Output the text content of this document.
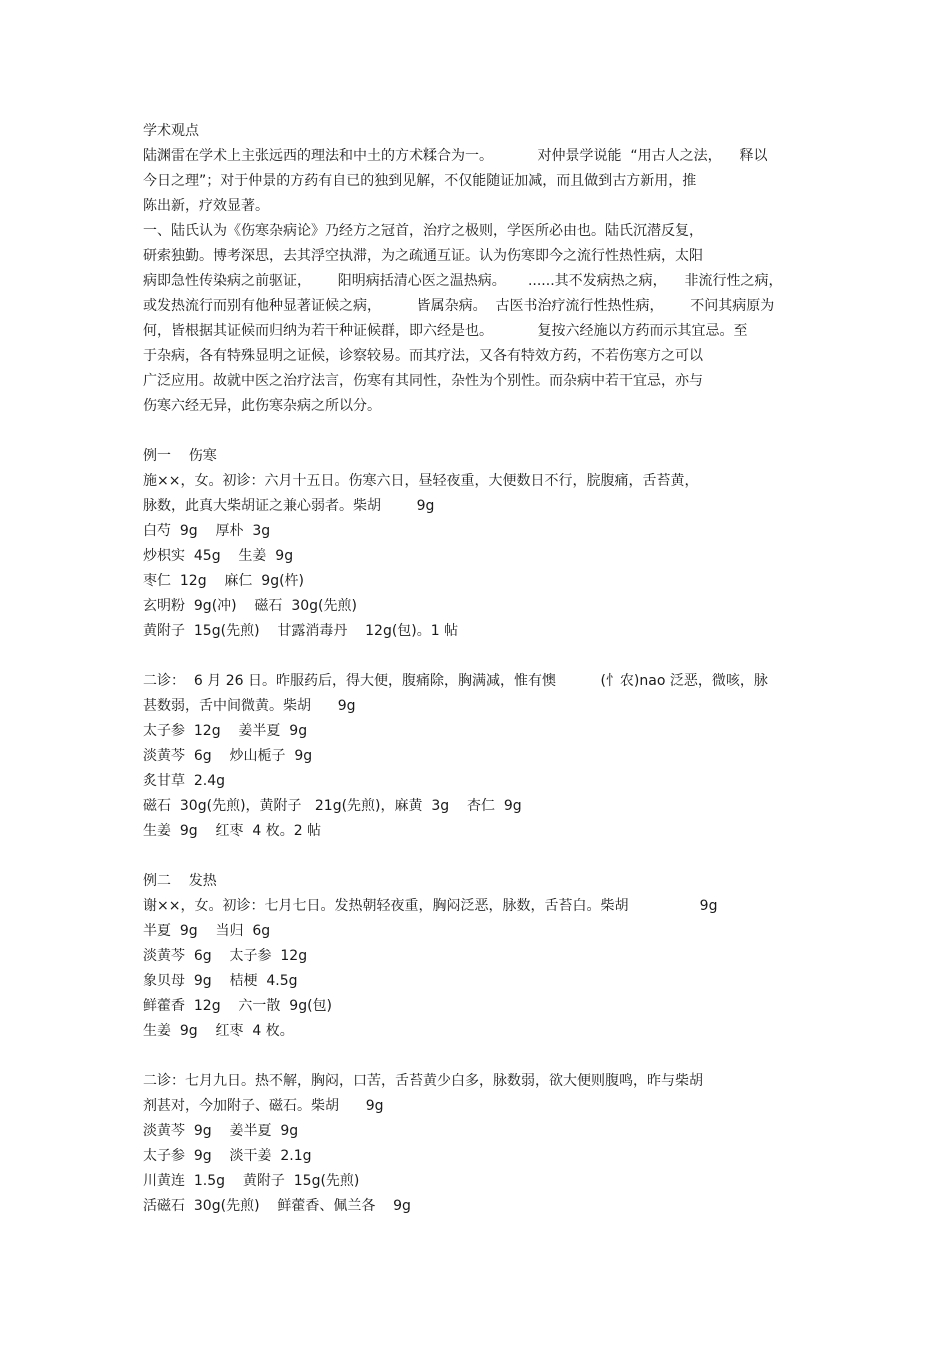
学术观点
陆渊雷在学术上主张远西的理法和中土的方术糅合为一。          对仲景学说能  “用古人之法，    释以
今日之理”；对于仲景的方药有自已的独到见解，不仅能随证加减，而且做到古方新用，推
陈出新，疗效显著。
一、陆氏认为《伤寒杂病论》乃经方之冠首，治疗之极则，学医所必由也。陆氏沉潜反复，
研索独勤。博考深思，去其浮空执滞，为之疏通互证。认为伤寒即今之流行性热性病，太阳
病即急性传染病之前驱证，      阳明病括清心医之温热病。     ......其不发病热之病，    非流行性之病，
或发热流行而别有他种显著证候之病，        皆属杂病。  古医书治疗流行性热性病，      不问其病原为
何，皆根据其证候而归纳为若干种证候群，即六经是也。          复按六经施以方药而示其宜忌。至
于杂病，各有特殊显明之证候，诊察较易。而其疗法，又各有特效方药，不若伤寒方之可以
广泛应用。故就中医之治疗法言，伤寒有其同性，杂性为个别性。而杂病中若干宜忌，亦与
伤寒六经无异，此伤寒杂病之所以分。
例一    伤寒
施××，女。初诊：六月十五日。伤寒六日，昼轻夜重，大便数日不行，脘腹痛，舌苔黄，
脉数，此真大柴胡证之兼心弱者。柴胡        9g
白芍  9g    厚朴  3g
炒枳实  45g    生姜  9g
枣仁  12g    麻仁  9g(杵)
玄明粉  9g(冲)    磁石  30g(先煎)
黄附子  15g(先煎)    甘露消毒丹    12g(包)。1 帖
二诊：  6 月 26 日。昨服药后，得大便，腹痛除，胸满减，惟有懊          (忄农)nao 泛恶，微咳，脉
甚数弱，舌中间微黄。柴胡      9g
太子参  12g    姜半夏  9g
淡黄芩  6g    炒山栀子  9g
炙甘草  2.4g
磁石  30g(先煎)，黄附子   21g(先煎)，麻黄  3g    杏仁  9g
生姜  9g    红枣  4 枚。2 帖
例二    发热
谢××，女。初诊：七月七日。发热朝轻夜重，胸闷泛恶，脉数，舌苔白。柴胡                9g
半夏  9g    当归  6g
淡黄芩  6g    太子参  12g
象贝母  9g    桔梗  4.5g
鲜藿香  12g    六一散  9g(包)
生姜  9g    红枣  4 枚。
二诊：七月九日。热不解，胸闷，口苦，舌苔黄少白多，脉数弱，欲大便则腹鸣，昨与柴胡
剂甚对，今加附子、磁石。柴胡      9g
淡黄芩  9g    姜半夏  9g
太子参  9g    淡干姜  2.1g
川黄连  1.5g    黄附子  15g(先煎)
活磁石  30g(先煎)    鲜藿香、佩兰各    9g
